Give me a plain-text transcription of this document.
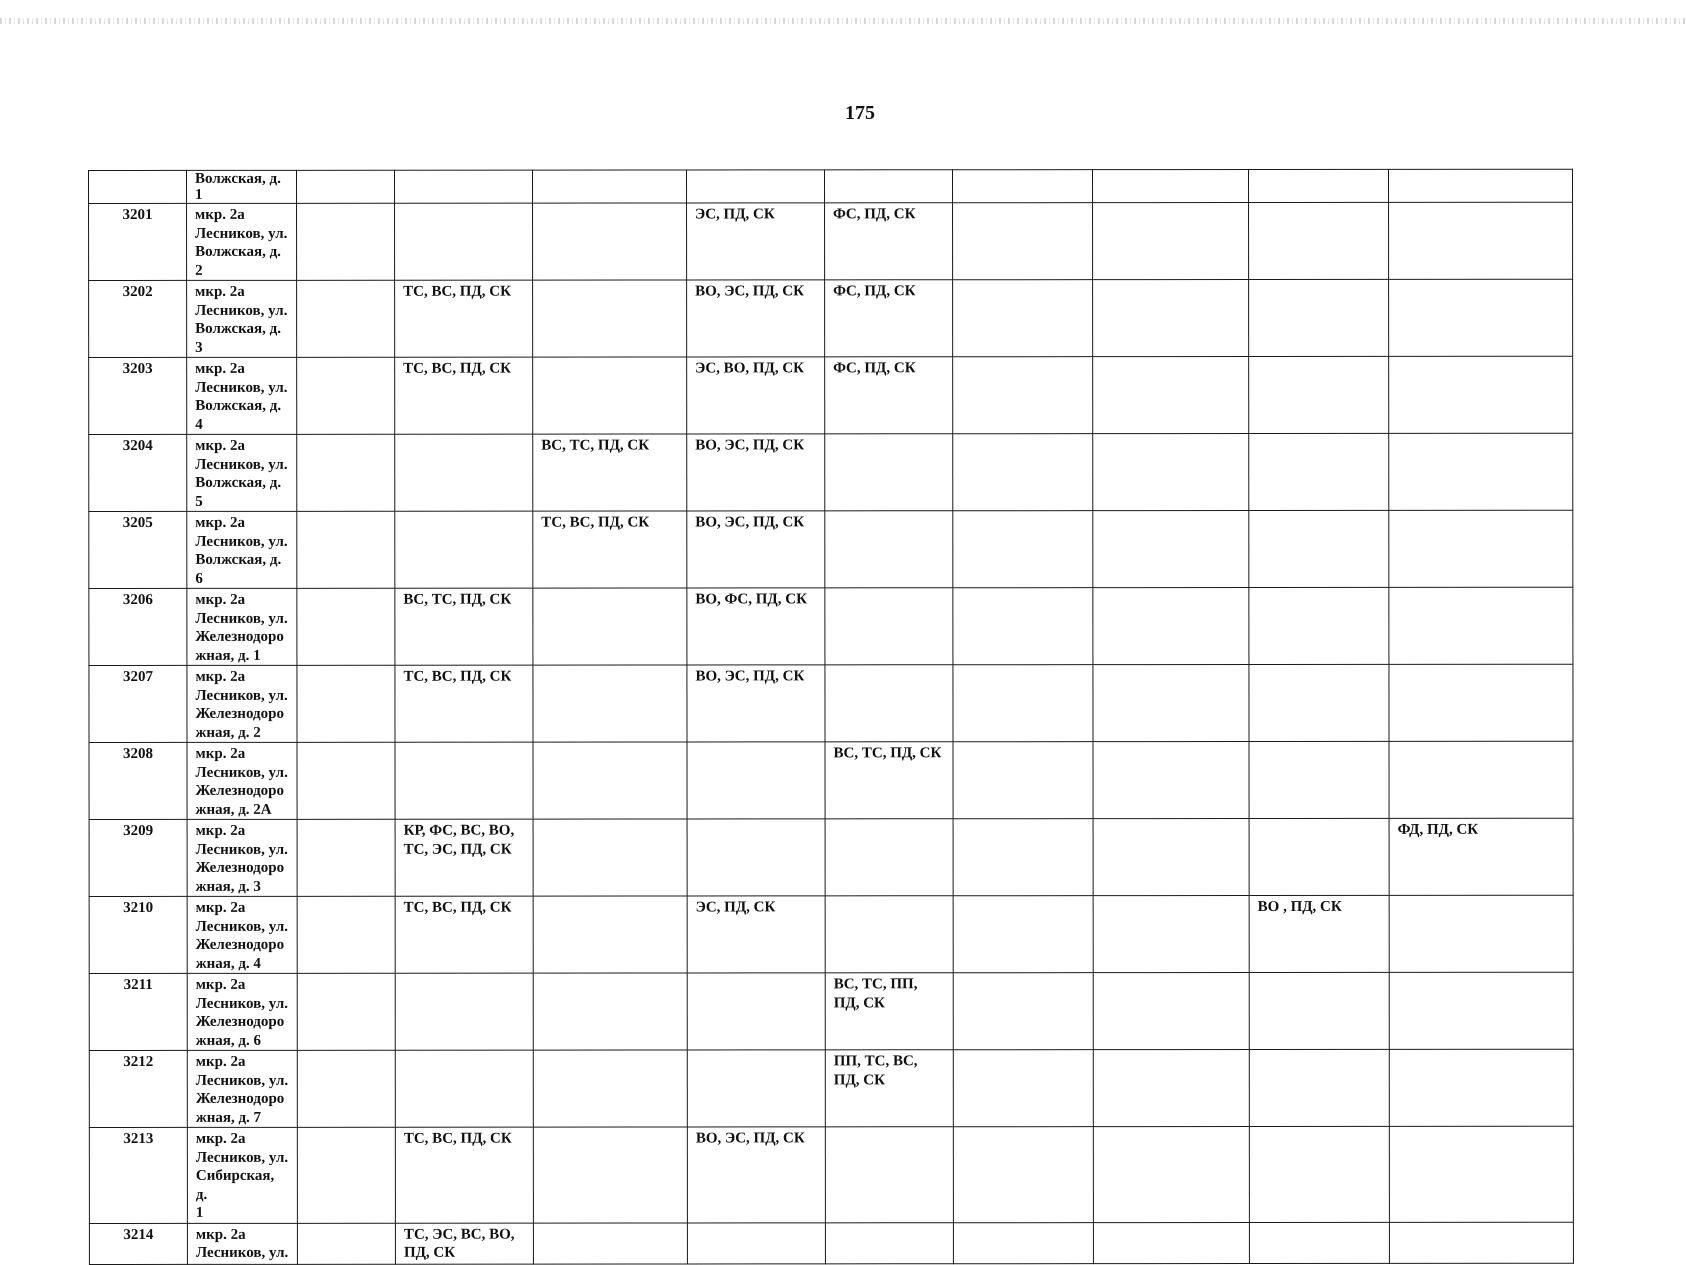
175
	Волжская, д. 1									
3201	мкр. 2а
Лесников, ул.
Волжская, д. 2				ЭС, ПД, СК	ФС, ПД, СК				
3202	мкр. 2а
Лесников, ул.
Волжская, д. 3		ТС, ВС, ПД, СК		ВО, ЭС, ПД, СК	ФС, ПД, СК				
3203	мкр. 2а
Лесников, ул.
Волжская, д. 4		ТС, ВС, ПД, СК		ЭС, ВО, ПД, СК	ФС, ПД, СК				
3204	мкр. 2а
Лесников, ул.
Волжская, д. 5			ВС, ТС, ПД, СК	ВО, ЭС, ПД, СК					
3205	мкр. 2а
Лесников, ул.
Волжская, д. 6			ТС, ВС, ПД, СК	ВО, ЭС, ПД, СК					
3206	мкр. 2а
Лесников, ул.
Железнодоро
жная, д. 1		ВС, ТС, ПД, СК		ВО, ФС, ПД, СК					
3207	мкр. 2а
Лесников, ул.
Железнодоро
жная, д. 2		ТС, ВС, ПД, СК		ВО, ЭС, ПД, СК					
3208	мкр. 2а
Лесников, ул.
Железнодоро
жная, д. 2А					ВС, ТС, ПД, СК				
3209	мкр. 2а
Лесников, ул.
Железнодоро
жная, д. 3		КР, ФС, ВС, ВО, ТС, ЭС, ПД, СК							ФД, ПД, СК
3210	мкр. 2а
Лесников, ул.
Железнодоро
жная, д. 4		ТС, ВС, ПД, СК		ЭС, ПД, СК				ВО , ПД, СК	
3211	мкр. 2а
Лесников, ул.
Железнодоро
жная, д. 6					ВС, ТС, ПП, ПД, СК				
3212	мкр. 2а
Лесников, ул.
Железнодоро
жная, д. 7					ПП, ТС, ВС, ПД, СК				
3213	мкр. 2а
Лесников, ул.
Сибирская, д.
1		ТС, ВС, ПД, СК		ВО, ЭС, ПД, СК					
3214	мкр. 2а
Лесников, ул.		ТС, ЭС, ВС, ВО, ПД, СК							
